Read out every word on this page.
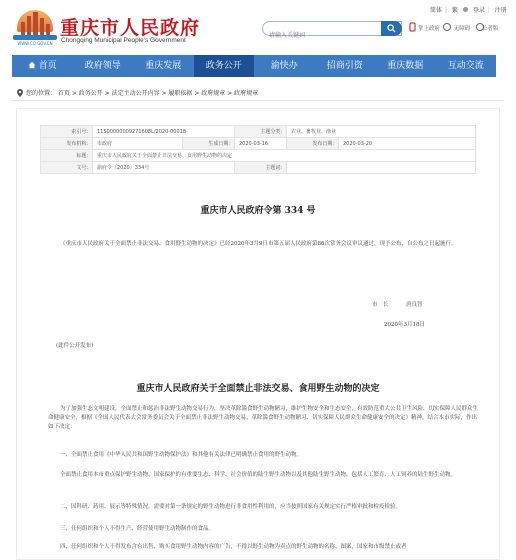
WWW.CQ.GOV.CN
重庆市人民政府
Chongqing Municipal People's Government
简体 | 繁 登录 | 注册
请输入关键词
掌上政府	无障碍 长者版
首页	政府领导	重庆发展	政务公开	渝快办	招商引资	重庆数据	互动交流
您的位置： 首页 > 政务公开 > 法定主动公开内容 > 履职依据 > 政府规章 > 政府规章
索引号:	11500000009271608L/2020-00018		主题分类:	农业、畜牧业、渔业	
发布机构:	市政府	生成日期:	2020-03-16	发布日期:	2020-03-20
标题:	重庆市人民政府关于全面禁止非法交易、食用野生动物的决定				
文号:	渝府令〔2020〕334号		主题词:		
重庆市人民政府令第 334 号
《重庆市人民政府关于全面禁止非法交易、食用野生动物的决定》已经2020年3月9日市第五届人民政府第86次常务会议审议通过，现予公布，自公布之日起施行。
市　长	唐良智
2020年3月18日
(此件公开发布)
重庆市人民政府关于全面禁止非法交易、食用野生动物的决定
为了加强生态文明建设，全面禁止和惩治非法野生动物交易行为，坚决革除滥食野生动物陋习，维护生物安全和生态安全，有效防范重大公共卫生风险，切实保障人民群众生命健康安全，根据《全国人民代表大会常务委员会关于全面禁止非法野生动物交易、革除滥食野生动物陋习、切实保障人民群众生命健康安全的决定》精神，结合本市实际，作出如下决定：
一、全面禁止食用《中华人民共和国野生动物保护法》和其他有关法律已明确禁止食用的野生动物。
全面禁止食用本市重点保护野生动物、国家保护的有重要生态、科学、社会价值的陆生野生动物以及其他陆生野生动物，包括人工繁育、人工饲养的陆生野生动物。
二、因科研、药用、展示等特殊情况，需要对第一条规定的野生动物进行非食用性利用的，应当按照国家有关规定实行严格审批和检疫检验。
三、任何组织和个人不得生产、经营使用野生动物制作的食品。
四、任何组织和个人不得发布含有出售、购买食用野生动物内容的广告，不得以野生动物为卖点的野生动物的名称、图案，国家和市级禁止或者
